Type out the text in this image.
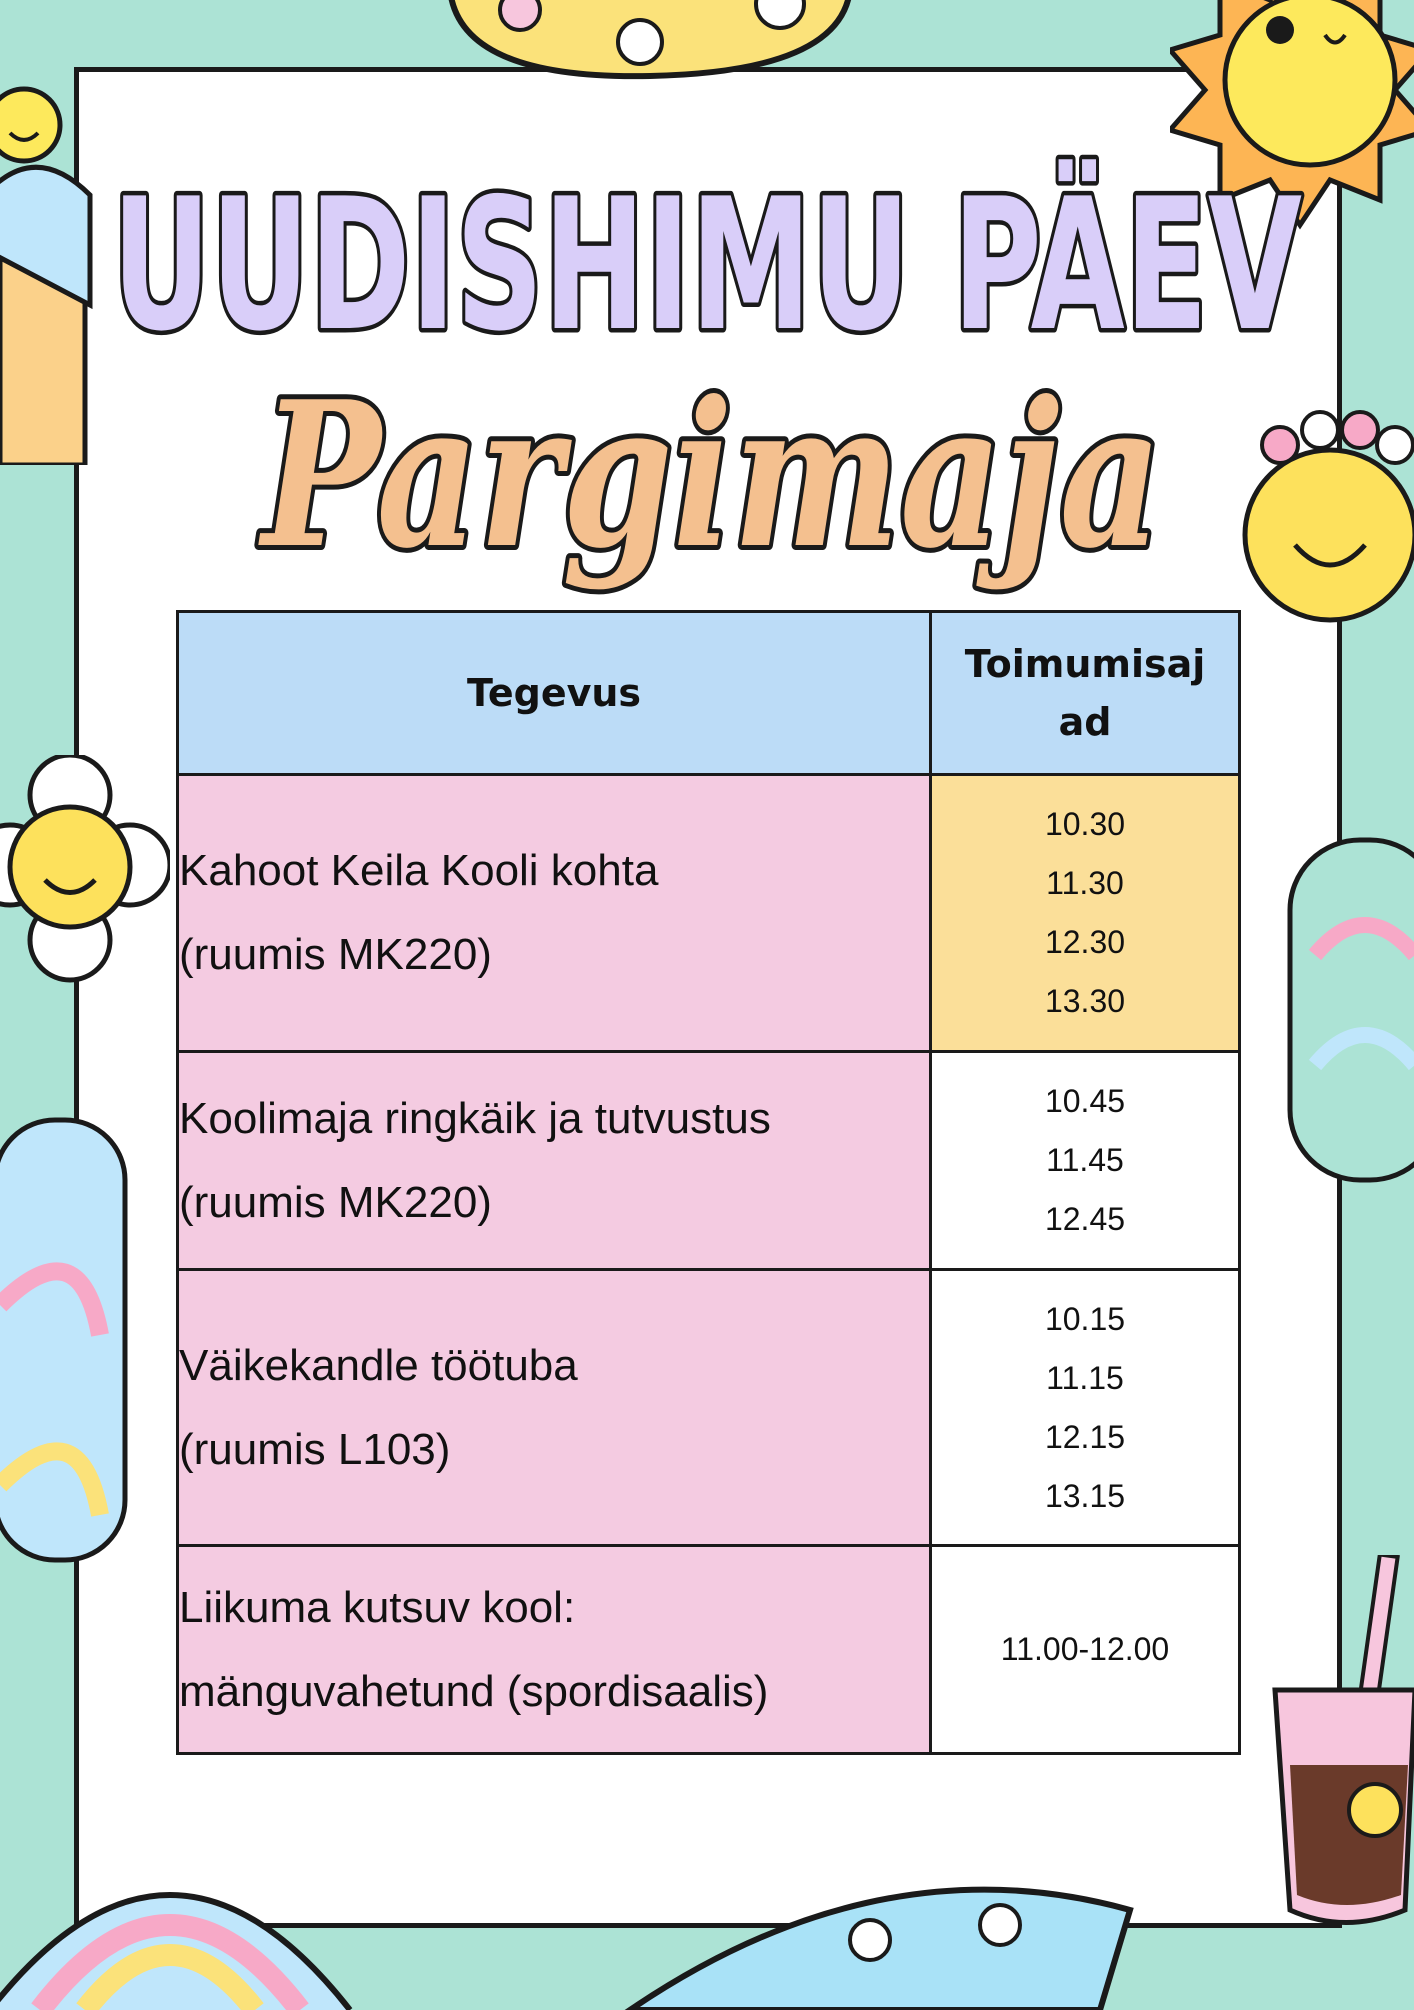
UUDISHIMU PÄEV
Pargimaja
Tegevus	Toimumisaj
ad

Kahoot Keila Kooli kohta
(ruumis MK220)	10.30
11.30
12.30
13.30

Koolimaja ringkäik ja tutvustus
(ruumis MK220)	10.45
11.45
12.45

Väikekandle töötuba
(ruumis L103)	10.15
11.15
12.15
13.15

Liikuma kutsuv kool:
mänguvahetund (spordisaalis)	11.00-12.00
